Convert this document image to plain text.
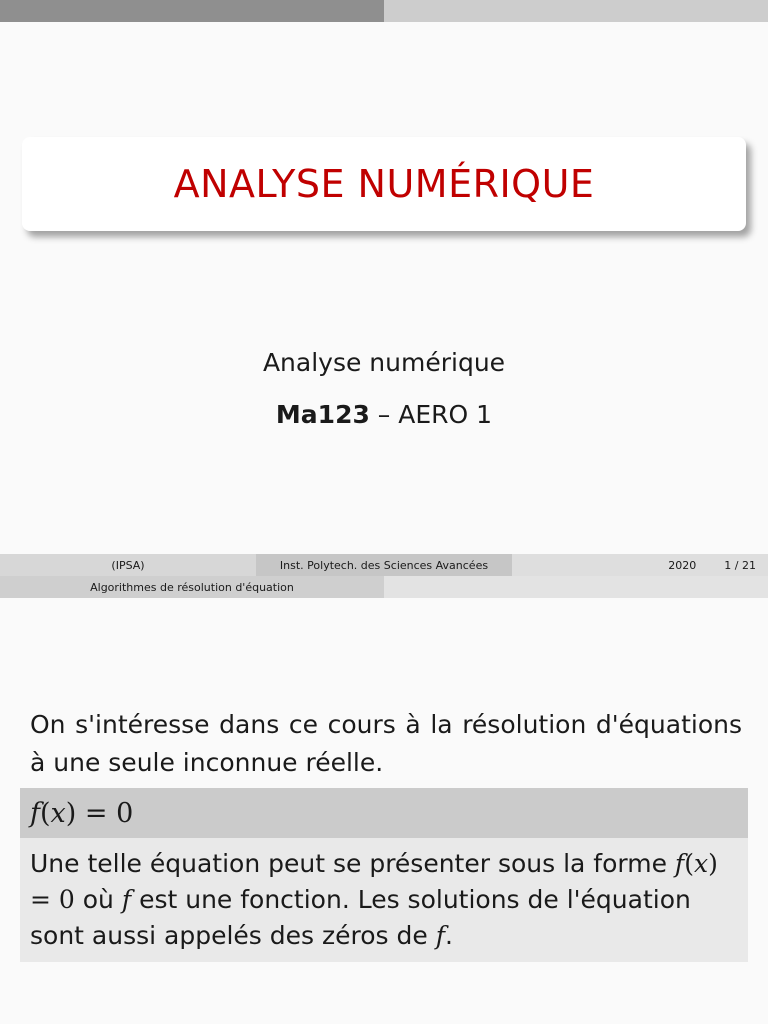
ANALYSE NUMÉRIQUE
Analyse numérique
Ma123 – AERO 1
(IPSA)	Inst. Polytech. des Sciences Avancées	2020	1 / 21
Algorithmes de résolution d'équation
On s'intéresse dans ce cours à la résolution d'équations à une seule inconnue réelle.
f(x) = 0
Une telle équation peut se présenter sous la forme f(x) = 0 où f est une fonction. Les solutions de l'équation sont aussi appelés des zéros de f.
